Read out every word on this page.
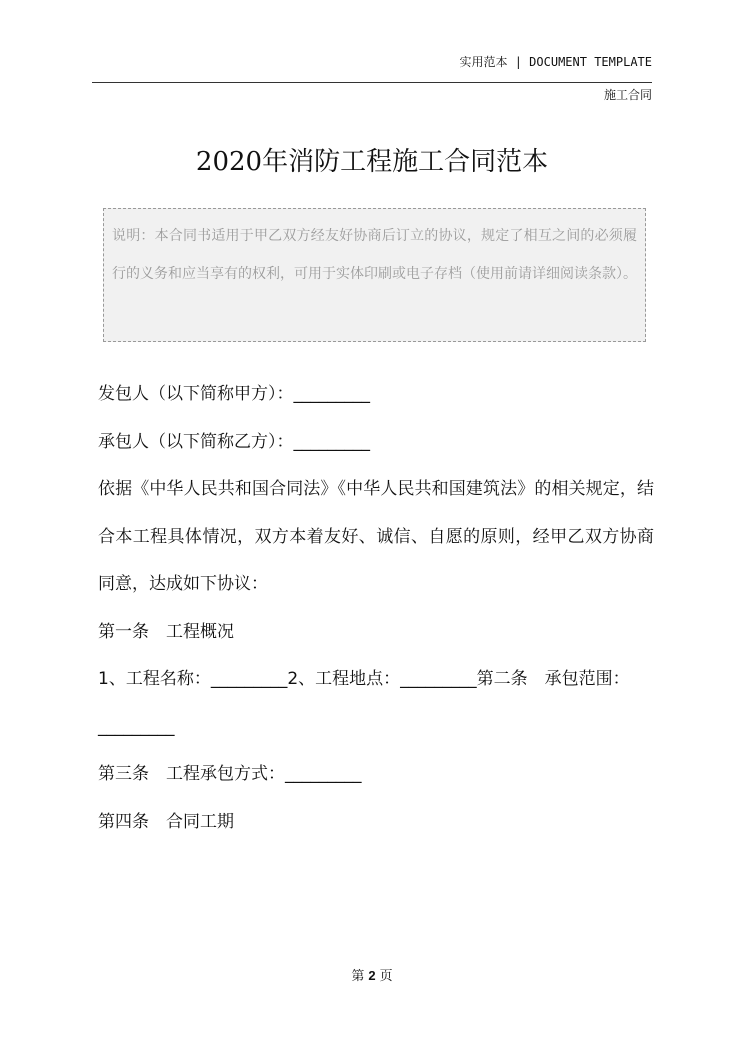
实用范本 | DOCUMENT TEMPLATE
施工合同
2020年消防工程施工合同范本
说明：本合同书适用于甲乙双方经友好协商后订立的协议，规定了相互之间的必须履行的义务和应当享有的权利，可用于实体印刷或电子存档（使用前请详细阅读条款）。

发包人（以下简称甲方）：_________

承包人（以下简称乙方）：_________

依据《中华人民共和国合同法》《中华人民共和国建筑法》的相关规定，结合本工程具体情况，双方本着友好、诚信、自愿的原则，经甲乙双方协商同意，达成如下协议：

第一条　工程概况

1、工程名称：_________2、工程地点：_________第二条　承包范围：

_________

第三条　工程承包方式：_________

第四条　合同工期

第 2 页
